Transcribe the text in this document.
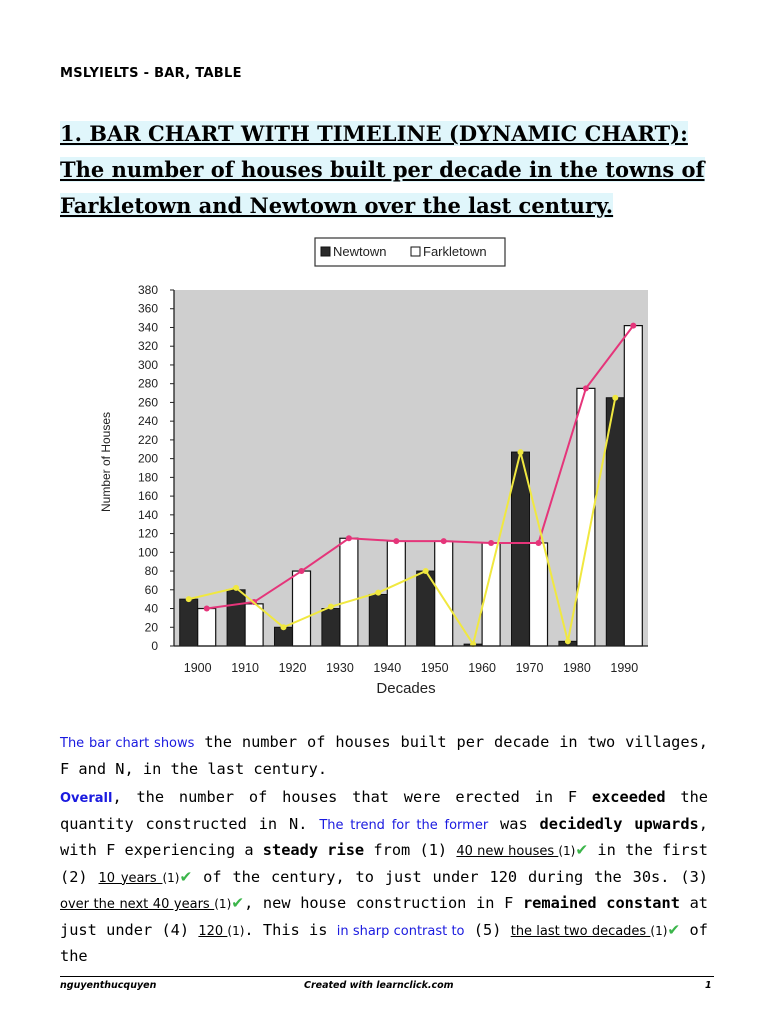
MSLYIELTS - BAR, TABLE
1. BAR CHART WITH TIMELINE (DYNAMIC CHART):
The number of houses built per decade in the towns of
Farkletown and Newtown over the last century.
0
20
40
60
80
100
120
140
160
180
200
220
240
260
280
300
320
340
360
380
1900 1910 1920 1930 1940 1950 1960 1970 1980 1990
Newtown	Farkletown
Number of Houses
Decades

The bar chart shows the number of houses built per decade in two villages, F and N, in the last century.

Overall, the number of houses that were erected in F exceeded the quantity constructed in N. The trend for the former was decidedly upwards, with F experiencing a steady rise from (1) 40 new houses (1)✔ in the first (2) 10 years (1)✔ of the century, to just under 120 during the 30s. (3) over the next 40 years (1)✔, new house construction in F remained constant at just under (4) 120 (1). This is in sharp contrast to (5) the last two decades (1)✔ of the

nguyenthucquyen	Created with learnclick.com	1
